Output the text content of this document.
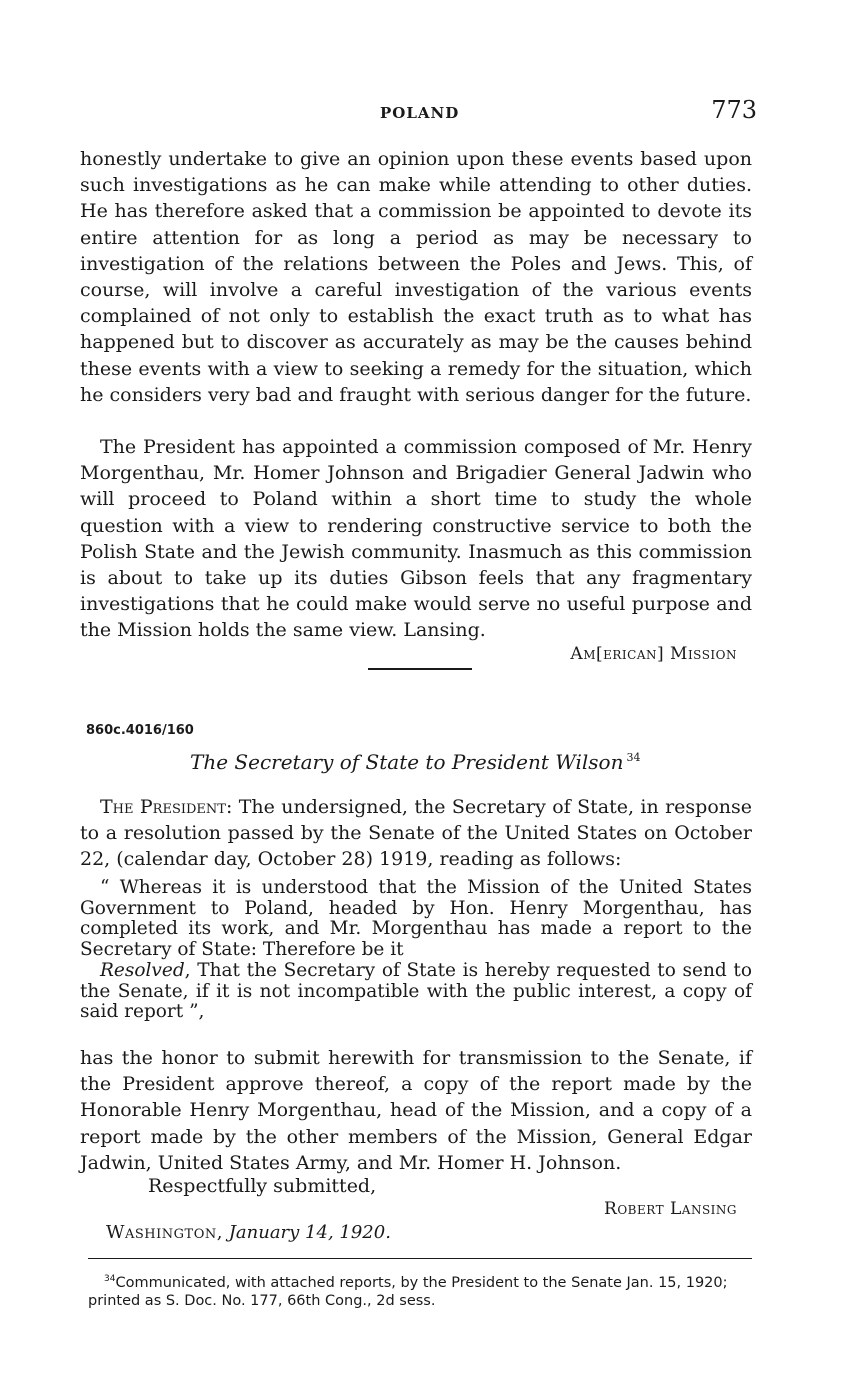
POLAND	773

honestly undertake to give an opinion upon these events based upon such investigations as he can make while attending to other duties. He has therefore asked that a commission be appointed to devote its entire attention for as long a period as may be necessary to investigation of the relations between the Poles and Jews. This, of course, will involve a careful investigation of the various events complained of not only to establish the exact truth as to what has happened but to discover as accurately as may be the causes behind these events with a view to seeking a remedy for the situation, which he considers very bad and fraught with serious danger for the future.

The President has appointed a commission composed of Mr. Henry Morgenthau, Mr. Homer Johnson and Brigadier General Jadwin who will proceed to Poland within a short time to study the whole question with a view to rendering constructive service to both the Polish State and the Jewish community. Inasmuch as this commission is about to take up its duties Gibson feels that any fragmentary investigations that he could make would serve no useful purpose and the Mission holds the same view. Lansing.

Am[erican] Mission
860c.4016/160
The Secretary of State to President Wilson $^{34}$

The President: The undersigned, the Secretary of State, in response to a resolution passed by the Senate of the United States on October 22, (calendar day, October 28) 1919, reading as follows:

“ Whereas it is understood that the Mission of the United States Government to Poland, headed by Hon. Henry Morgenthau, has completed its work, and Mr. Morgenthau has made a report to the Secretary of State: Therefore be it

Resolved, That the Secretary of State is hereby requested to send to the Senate, if it is not incompatible with the public interest, a copy of said report ”,

has the honor to submit herewith for transmission to the Senate, if the President approve thereof, a copy of the report made by the Honorable Henry Morgenthau, head of the Mission, and a copy of a report made by the other members of the Mission, General Edgar Jadwin, United States Army, and Mr. Homer H. Johnson.

Respectfully submitted,
Robert Lansing
Washington, January 14, 1920.

$^{34}$Communicated, with attached reports, by the President to the Senate Jan. 15, 1920; printed as S. Doc. No. 177, 66th Cong., 2d sess.
